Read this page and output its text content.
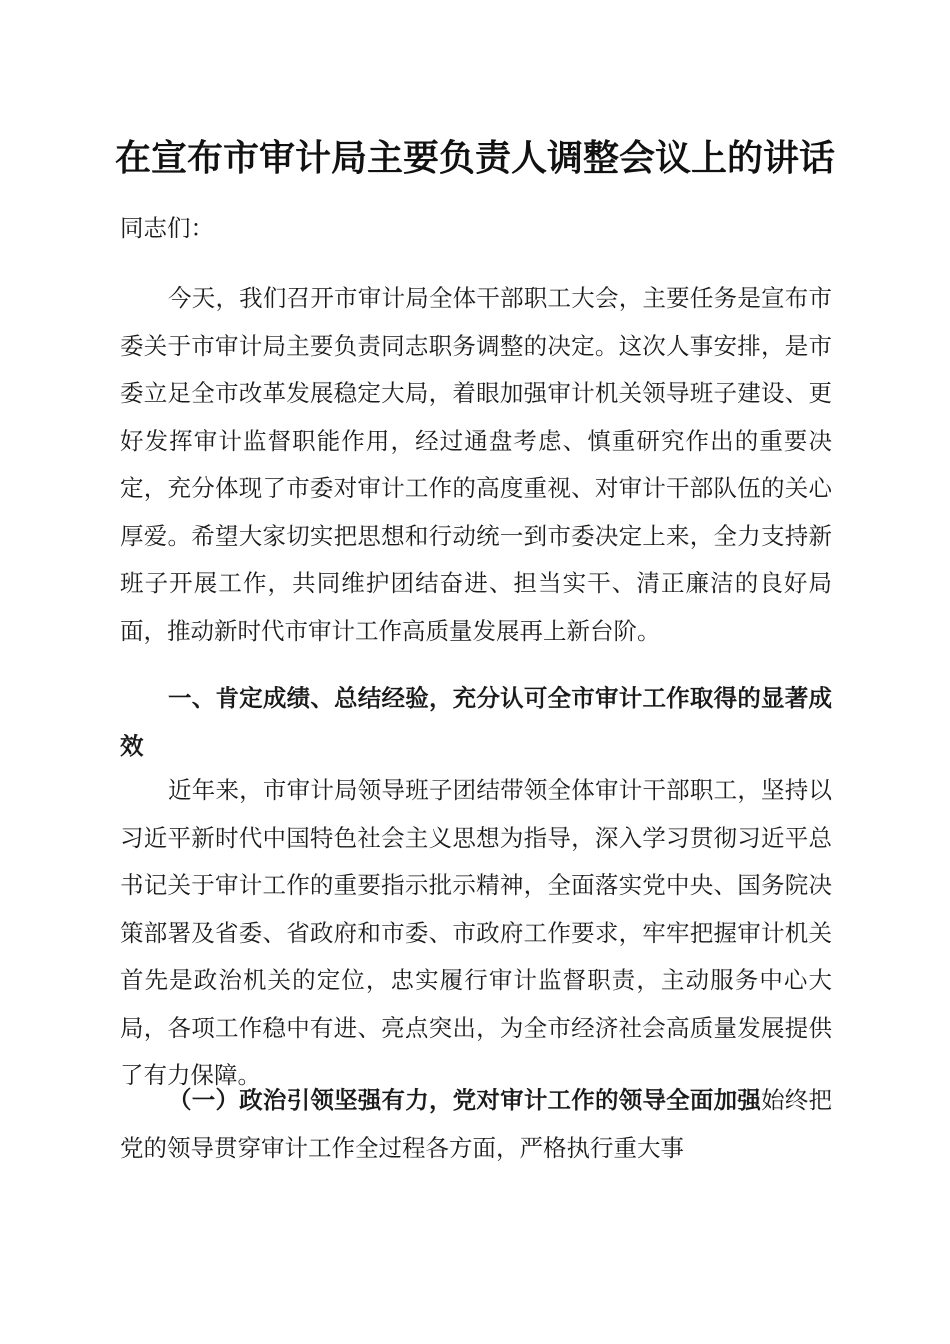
在宣布市审计局主要负责人调整会议上的讲话
同志们：
今天，我们召开市审计局全体干部职工大会，主要任务是宣布市委关于市审计局主要负责同志职务调整的决定。这次人事安排，是市委立足全市改革发展稳定大局，着眼加强审计机关领导班子建设、更好发挥审计监督职能作用，经过通盘考虑、慎重研究作出的重要决定，充分体现了市委对审计工作的高度重视、对审计干部队伍的关心厚爱。希望大家切实把思想和行动统一到市委决定上来，全力支持新班子开展工作，共同维护团结奋进、担当实干、清正廉洁的良好局面，推动新时代市审计工作高质量发展再上新台阶。
一、肯定成绩、总结经验，充分认可全市审计工作取得的显著成效
近年来，市审计局领导班子团结带领全体审计干部职工，坚持以习近平新时代中国特色社会主义思想为指导，深入学习贯彻习近平总书记关于审计工作的重要指示批示精神，全面落实党中央、国务院决策部署及省委、省政府和市委、市政府工作要求，牢牢把握审计机关首先是政治机关的定位，忠实履行审计监督职责，主动服务中心大局，各项工作稳中有进、亮点突出，为全市经济社会高质量发展提供了有力保障。
（一）政治引领坚强有力，党对审计工作的领导全面加强始终把党的领导贯穿审计工作全过程各方面，严格执行重大事
